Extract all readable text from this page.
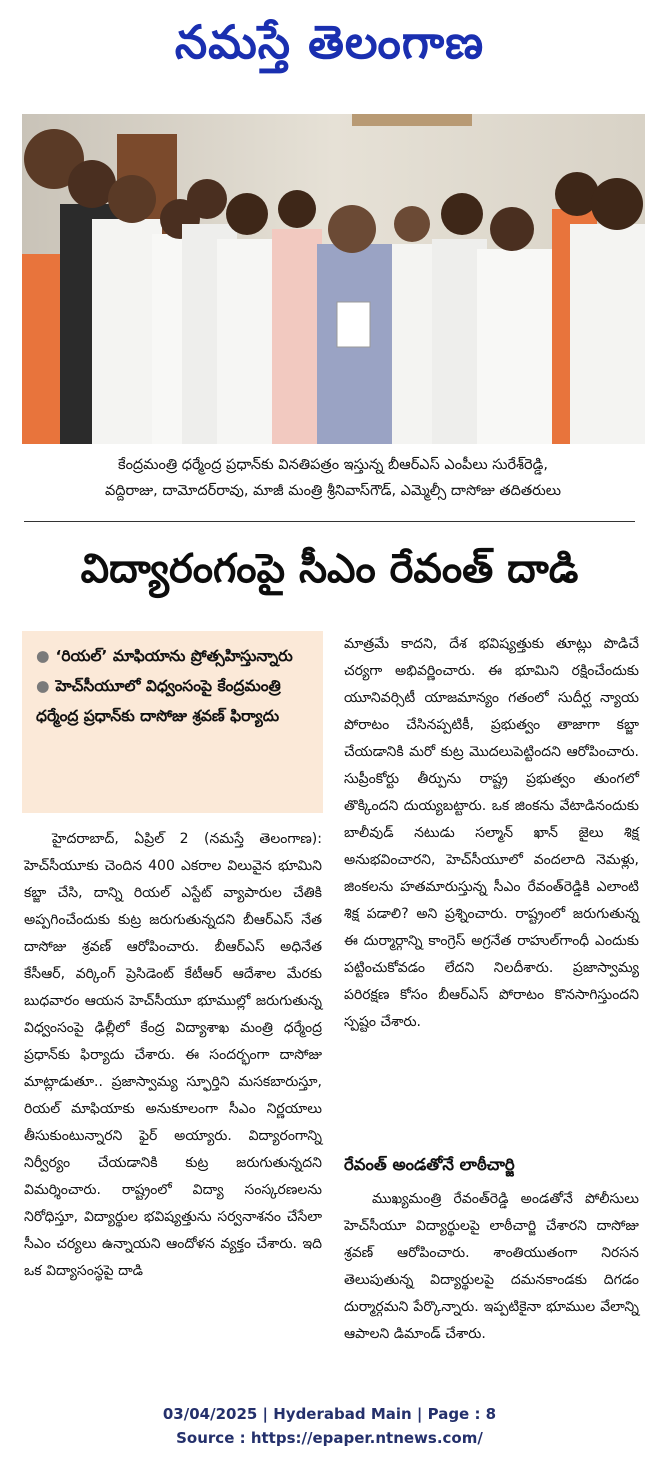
నమస్తే తెలంగాణ
కేంద్రమంత్రి ధర్మేంద్ర ప్రధాన్‌కు వినతిపత్రం ఇస్తున్న బీఆర్‌ఎస్ ఎంపీలు సురేశ్‌రెడ్డి,
వద్దిరాజు, దామోదర్‌రావు, మాజీ మంత్రి శ్రీనివాస్‌గౌడ్, ఎమ్మెల్సీ దాసోజు తదితరులు
విద్యారంగంపై సీఎం రేవంత్ దాడి
● ‘రియల్’ మాఫియాను ప్రోత్సహిస్తున్నారు
● హెచ్‌సీయూలో విధ్వంసంపై కేంద్రమంత్రి ధర్మేంద్ర ప్రధాన్‌కు దాసోజు శ్రవణ్ ఫిర్యాదు
హైదరాబాద్, ఏప్రిల్ 2 (నమస్తే తెలంగాణ): హెచ్‌సీయూకు చెందిన 400 ఎకరాల విలువైన భూమిని కబ్జా చేసి, దాన్ని రియల్ ఎస్టేట్ వ్యాపారుల చేతికి అప్పగించేందుకు కుట్ర జరుగుతున్నదని బీఆర్‌ఎస్ నేత దాసోజు శ్రవణ్ ఆరోపించారు. బీఆర్‌ఎస్ అధినేత కేసీఆర్, వర్కింగ్ ప్రెసిడెంట్ కేటీఆర్ ఆదేశాల మేరకు బుధవారం ఆయన హెచ్‌సీయూ భూముల్లో జరుగుతున్న విధ్వంసంపై ఢిల్లీలో కేంద్ర విద్యాశాఖ మంత్రి ధర్మేంద్ర ప్రధాన్‌కు ఫిర్యాదు చేశారు. ఈ సందర్భంగా దాసోజు మాట్లాడుతూ.. ప్రజాస్వామ్య స్ఫూర్తిని మసకబారుస్తూ, రియల్ మాఫియాకు అనుకూలంగా సీఎం నిర్ణయాలు తీసుకుంటున్నారని ఫైర్ అయ్యారు. విద్యారంగాన్ని నిర్వీర్యం చేయడానికి కుట్ర జరుగుతున్నదని విమర్శించారు. రాష్ట్రంలో విద్యా సంస్కరణలను నిరోధిస్తూ, విద్యార్థుల భవిష్యత్తును సర్వనాశనం చేసేలా సీఎం చర్యలు ఉన్నాయని ఆందోళన వ్యక్తం చేశారు. ఇది ఒక విద్యాసంస్థపై దాడి
మాత్రమే కాదని, దేశ భవిష్యత్తుకు తూట్లు పొడిచే చర్యగా అభివర్ణించారు. ఈ భూమిని రక్షించేందుకు యూనివర్సిటీ యాజమాన్యం గతంలో సుదీర్ఘ న్యాయ పోరాటం చేసినప్పటికీ, ప్రభుత్వం తాజాగా కబ్జా చేయడానికి మరో కుట్ర మొదలుపెట్టిందని ఆరోపించారు. సుప్రీంకోర్టు తీర్పును రాష్ట్ర ప్రభుత్వం తుంగలో తొక్కిందని దుయ్యబట్టారు. ఒక జింకను వేటాడినందుకు బాలీవుడ్ నటుడు సల్మాన్ ఖాన్ జైలు శిక్ష అనుభవించారని, హెచ్‌సీయూలో వందలాది నెమళ్లు, జింకలను హతమారుస్తున్న సీఎం రేవంత్‌రెడ్డికి ఎలాంటి శిక్ష పడాలి? అని ప్రశ్నించారు. రాష్ట్రంలో జరుగుతున్న ఈ దుర్మార్గాన్ని కాంగ్రెస్ అగ్రనేత రాహుల్‌గాంధీ ఎందుకు పట్టించుకోవడం లేదని నిలదీశారు. ప్రజాస్వామ్య పరిరక్షణ కోసం బీఆర్‌ఎస్ పోరాటం కొనసాగిస్తుందని స్పష్టం చేశారు.
రేవంత్ అండతోనే లాఠీచార్జి
ముఖ్యమంత్రి రేవంత్‌రెడ్డి అండతోనే పోలీసులు హెచ్‌సీయూ విద్యార్థులపై లాఠీచార్జి చేశారని దాసోజు శ్రవణ్ ఆరోపించారు. శాంతియుతంగా నిరసన తెలుపుతున్న విద్యార్థులపై దమనకాండకు దిగడం దుర్మార్గమని పేర్కొన్నారు. ఇప్పటికైనా భూముల వేలాన్ని ఆపాలని డిమాండ్ చేశారు.
03/04/2025 | Hyderabad Main | Page : 8
Source : https://epaper.ntnews.com/
